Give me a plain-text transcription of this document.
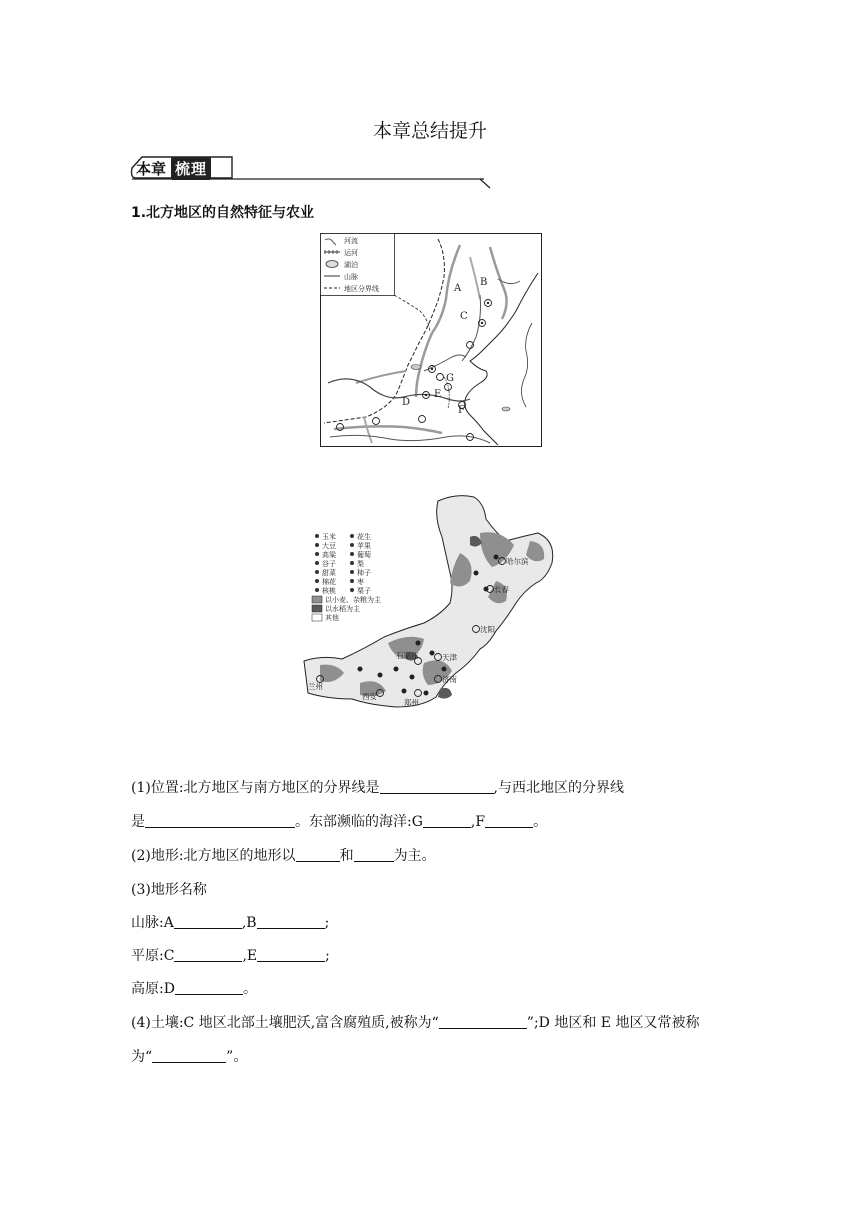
本章总结提升
本章 梳理
1.北方地区的自然特征与农业
河流
运河
湖泊
山脉
地区分界线	A
B
C
D
E
F
G
哈尔滨
长春
沈阳
天津
石家庄
济南
郑州
西安
兰州
玉米
大豆
高粱
谷子
甜菜
棉花
核桃
花生
苹果
葡萄
梨
柿子
枣
栗子
以小麦、杂粮为主
以水稻为主
其他
(1)位置:北方地区与南方地区的分界线是	,与西北地区的分界线
是	。东部濒临的海洋:G	,F	。
(2)地形:北方地区的地形以	和	为主。
(3)地形名称
山脉:A	,B	;
平原:C	,E	;
高原:D	。
(4)土壤:C 地区北部土壤肥沃,富含腐殖质,被称为“	”;D 地区和 E 地区又常被称
为“	”。
